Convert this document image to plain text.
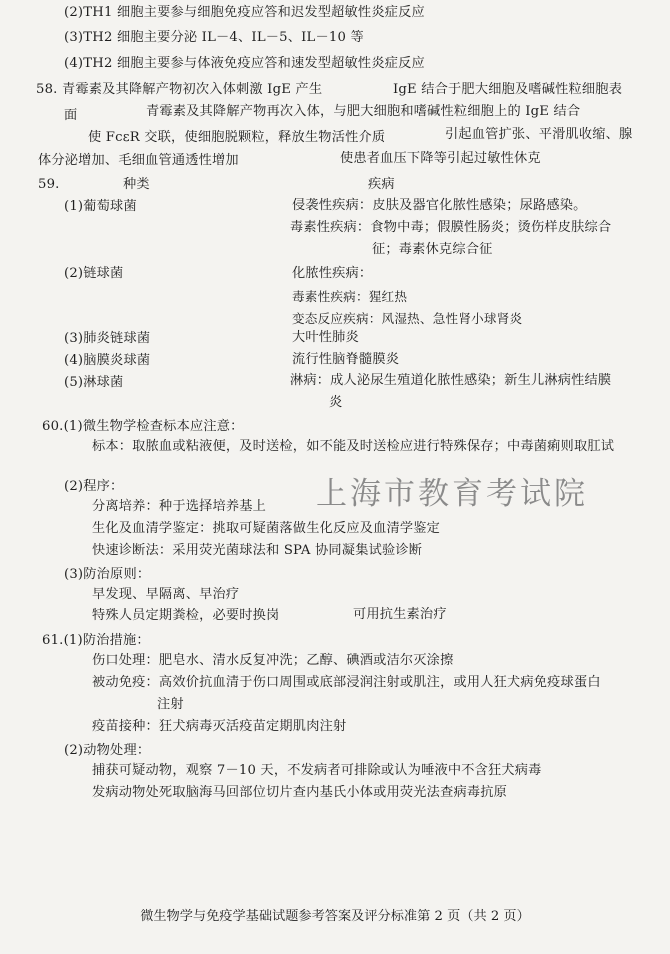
(2)TH1 细胞主要参与细胞免疫应答和迟发型超敏性炎症反应
(3)TH2 细胞主要分泌 IL－4、IL－5、IL－10 等
(4)TH2 细胞主要参与体液免疫应答和速发型超敏性炎症反应
58. 青霉素及其降解产物初次入体刺激 IgE 产生	IgE 结合于肥大细胞及嗜碱性粒细胞表
面	青霉素及其降解产物再次入体，与肥大细胞和嗜碱性粒细胞上的 IgE 结合
使 FcεR 交联，使细胞脱颗粒，释放生物活性介质	引起血管扩张、平滑肌收缩、腺
体分泌增加、毛细血管通透性增加	使患者血压下降等引起过敏性休克
59.	种类	疾病
(1)葡萄球菌	侵袭性疾病：皮肤及器官化脓性感染；尿路感染。
毒素性疾病：食物中毒；假膜性肠炎；烫伤样皮肤综合
征；毒素休克综合征
(2)链球菌	化脓性疾病：
毒素性疾病：猩红热
变态反应疾病：风湿热、急性肾小球肾炎
(3)肺炎链球菌	大叶性肺炎
(4)脑膜炎球菌	流行性脑脊髓膜炎
(5)淋球菌	淋病：成人泌尿生殖道化脓性感染；新生儿淋病性结膜
炎
60.(1)微生物学检查标本应注意：
标本：取脓血或粘液便，及时送检，如不能及时送检应进行特殊保存；中毒菌痢则取肛试
(2)程序：
分离培养：种于选择培养基上
生化及血清学鉴定：挑取可疑菌落做生化反应及血清学鉴定
快速诊断法：采用荧光菌球法和 SPA 协同凝集试验诊断
(3)防治原则：
早发现、早隔离、早治疗
特殊人员定期粪检，必要时换岗	可用抗生素治疗
61.(1)防治措施：
伤口处理：肥皂水、清水反复冲洗；乙醇、碘酒或洁尔灭涂擦
被动免疫：高效价抗血清于伤口周围或底部浸润注射或肌注，或用人狂犬病免疫球蛋白
注射
疫苗接种：狂犬病毒灭活疫苗定期肌肉注射
(2)动物处理：
捕获可疑动物，观察 7－10 天，不发病者可排除或认为唾液中不含狂犬病毒
发病动物处死取脑海马回部位切片查内基氏小体或用荧光法查病毒抗原
上海市教育考试院
微生物学与免疫学基础试题参考答案及评分标准第 2 页（共 2 页）
